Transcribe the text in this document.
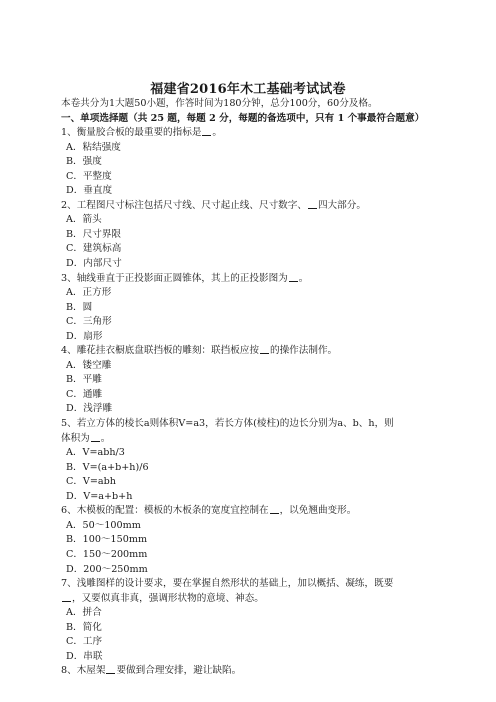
福建省2016年木工基础考试试卷
本卷共分为1大题50小题，作答时间为180分钟，总分100分，60分及格。
一、单项选择题（共 25 题，每题 2 分，每题的备选项中，只有 1 个事最符合题意）
1、衡量胶合板的最重要的指标是 。
A．粘结强度
B．强度
C．平整度
D．垂直度
2、工程图尺寸标注包括尺寸线、尺寸起止线、尺寸数字、 四大部分。
A．箭头
B．尺寸界限
C．建筑标高
D．内部尺寸
3、轴线垂直于正投影面正圆锥体，其上的正投影图为 。
A．正方形
B．圆
C．三角形
D．扇形
4、雕花挂衣橱底盘联挡板的雕刻：联挡板应按 的操作法制作。
A．镂空雕
B．平雕
C．通雕
D．浅浮雕
5、若立方体的棱长a则体积V=a3，若长方体(棱柱)的边长分别为a、b、h，则
体积为 。
A．V=abh/3
B．V=(a+b+h)/6
C．V=abh
D．V=a+b+h
6、木模板的配置：模板的木板条的宽度宜控制在 ，以免翘曲变形。
A．50～100mm
B．100～150mm
C．150～200mm
D．200～250mm
7、浅雕图样的设计要求，要在掌握自然形状的基础上，加以概括、凝练，既要
，又要似真非真，强调形状物的意境、神态。
A．拼合
B．简化
C．工序
D．串联
8、木屋架 要做到合理安排，避让缺陷。
